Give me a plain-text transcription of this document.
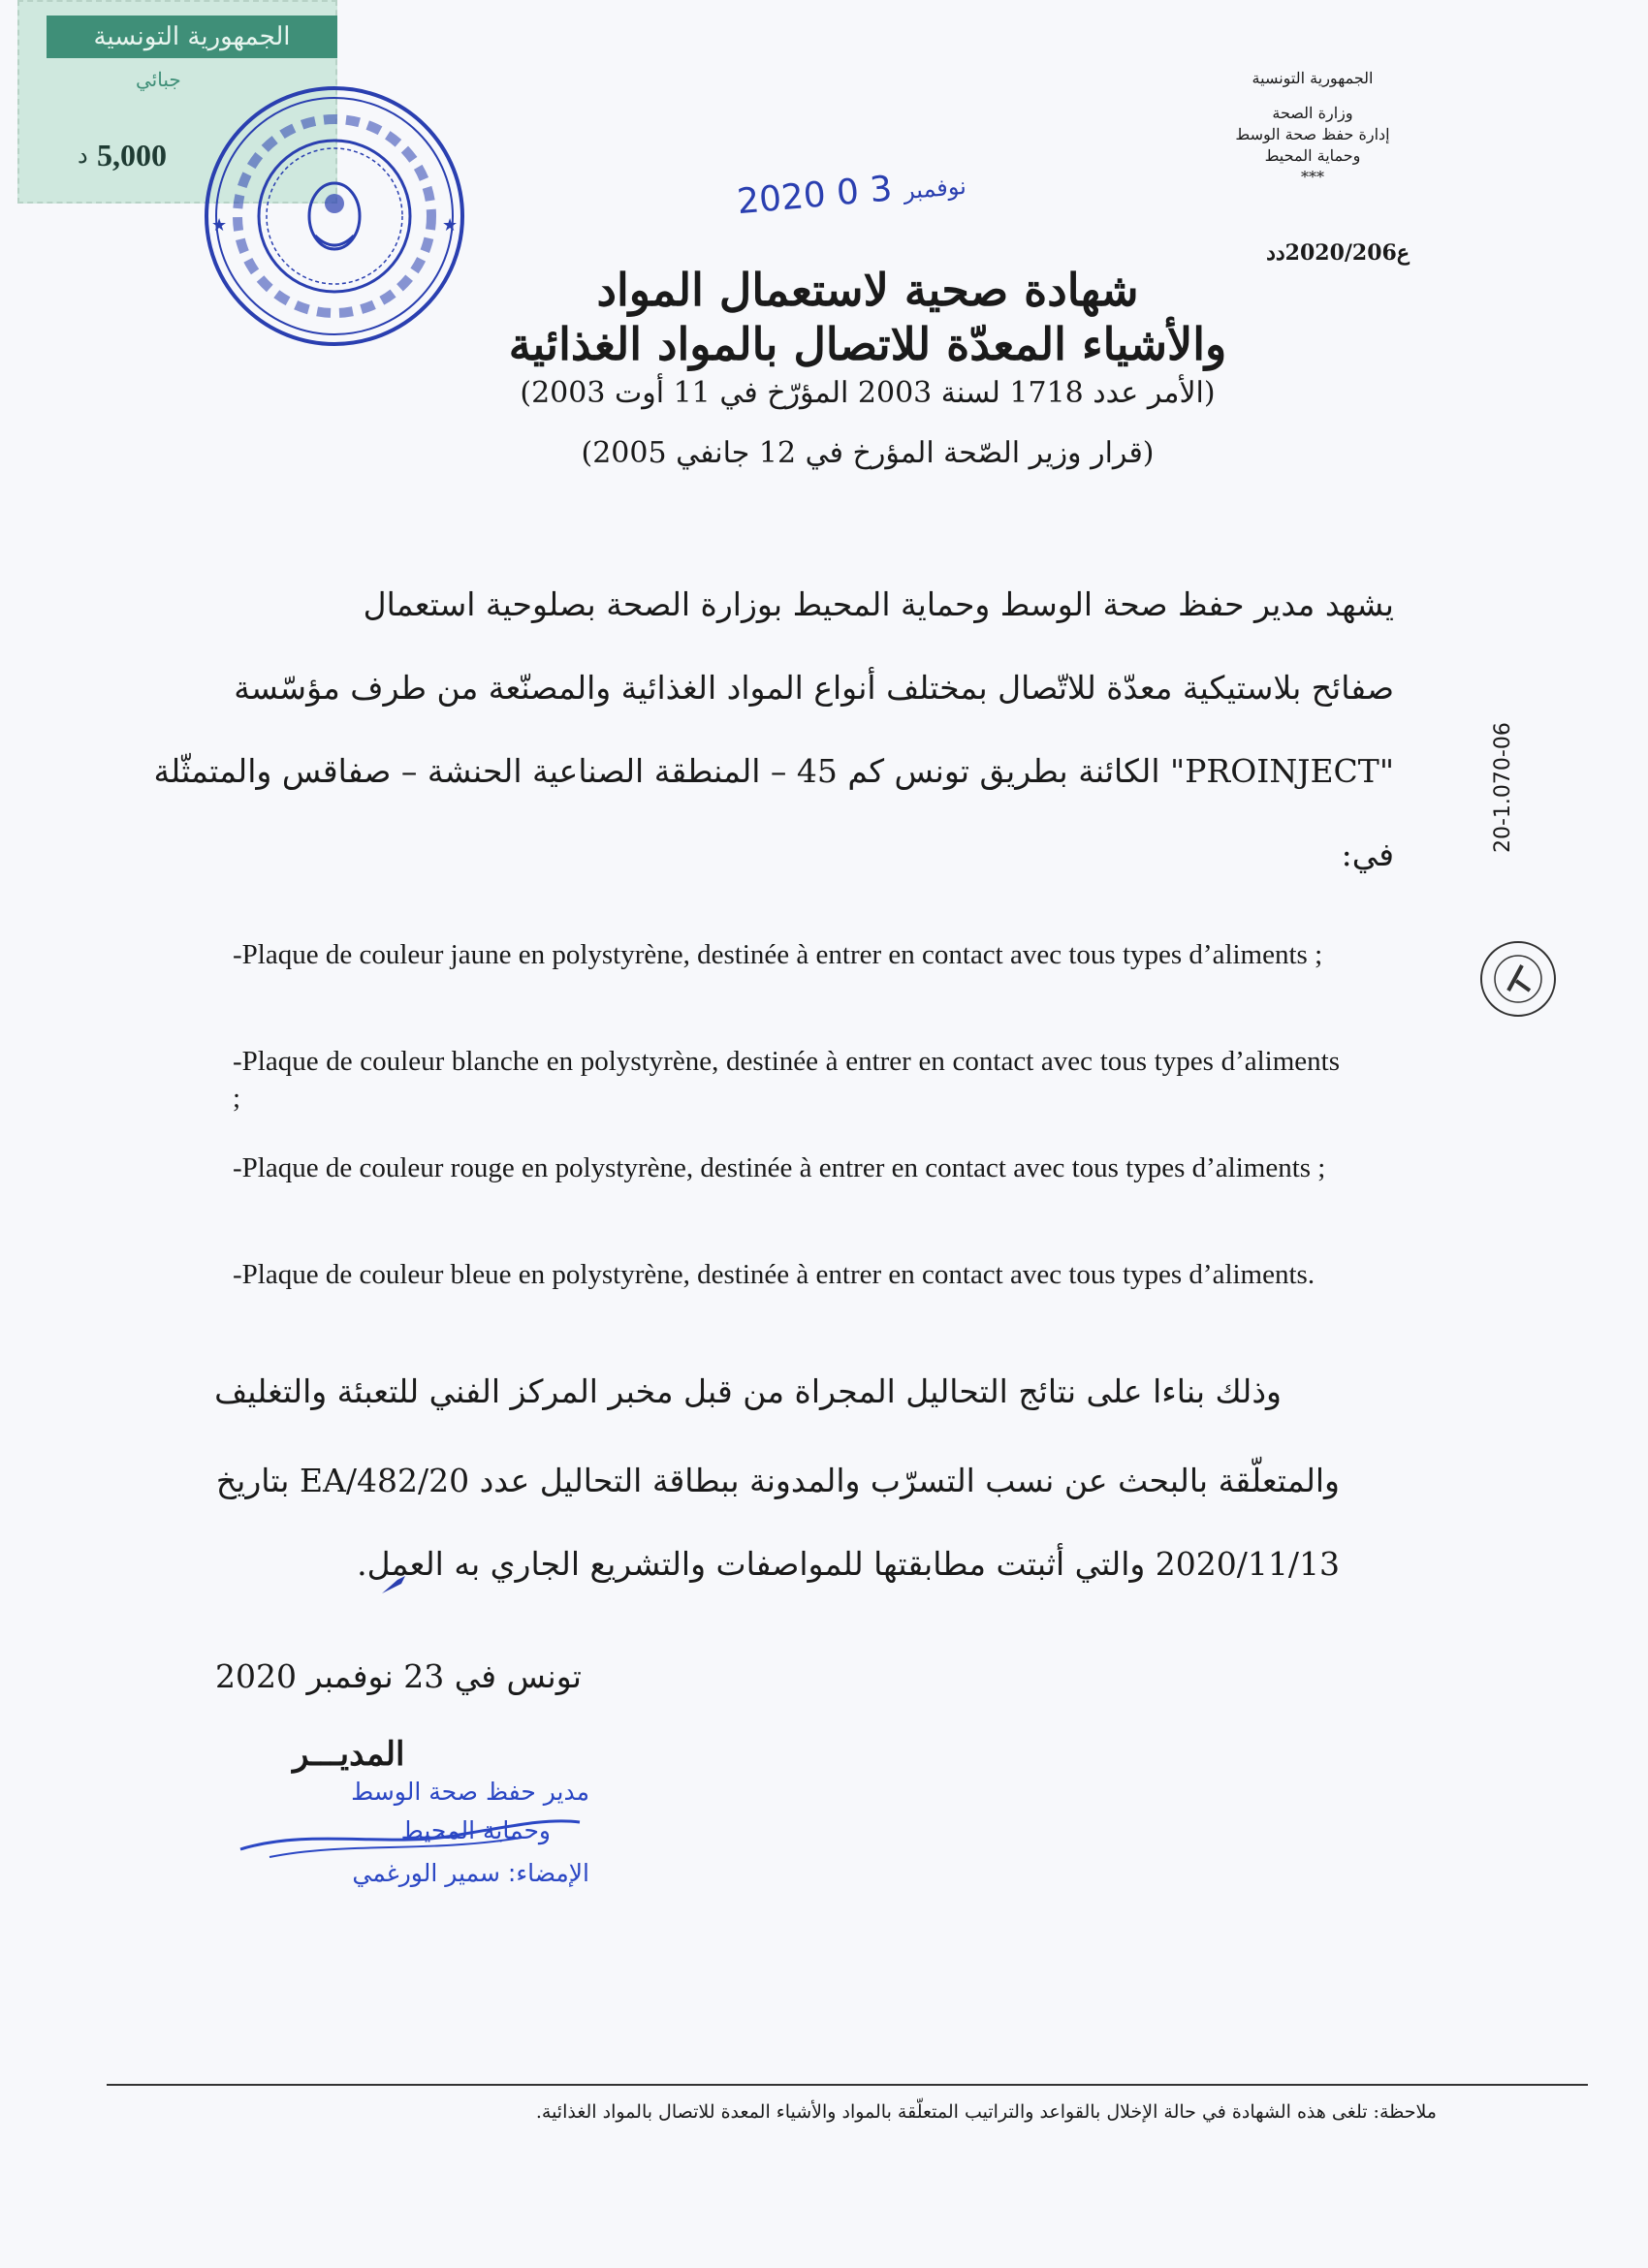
الجمهورية التونسية
جبائي
د 5,000
★	★
الجمهورية التونسية
وزارة الصحة
إدارة حفظ صحة الوسط
وحماية المحيط
***
ع2020/206دد
2020	نوفمبر 3 0
شهادة صحية لاستعمال المواد
والأشياء المعدّة للاتصال بالمواد الغذائية
(الأمر عدد 1718 لسنة 2003 المؤرّخ في 11 أوت 2003)
(قرار وزير الصّحة المؤرخ في 12 جانفي 2005)
يشهد مدير حفظ صحة الوسط وحماية المحيط بوزارة الصحة بصلوحية استعمال
صفائح بلاستيكية معدّة للاتّصال بمختلف أنواع المواد الغذائية والمصنّعة من طرف مؤسّسة
"PROINJECT" الكائنة بطريق تونس كم 45 – المنطقة الصناعية الحنشة – صفاقس والمتمثّلة
في:
-Plaque de couleur jaune en polystyrène, destinée à entrer en contact avec tous types d’aliments ;
-Plaque de couleur blanche en polystyrène, destinée à entrer en contact avec tous types d’aliments ;
-Plaque de couleur rouge en polystyrène, destinée à entrer en contact avec tous types d’aliments ;
-Plaque de couleur bleue en polystyrène, destinée à entrer en contact avec tous types d’aliments.
وذلك بناءا على نتائج التحاليل المجراة من قبل مخبر المركز الفني للتعبئة والتغليف
والمتعلّقة بالبحث عن نسب التسرّب والمدونة ببطاقة التحاليل عدد EA/482/20 بتاريخ
2020/11/13 والتي أثبتت مطابقتها للمواصفات والتشريع الجاري به العمل.
تونس في 23 نوفمبر 2020
المديـــر
مدير حفظ صحة الوسط
وحماية المحيط
الإمضاء: سمير الورغمي
20-1.070-06
ملاحظة: تلغى هذه الشهادة في حالة الإخلال بالقواعد والتراتيب المتعلّقة بالمواد والأشياء المعدة للاتصال بالمواد الغذائية.
